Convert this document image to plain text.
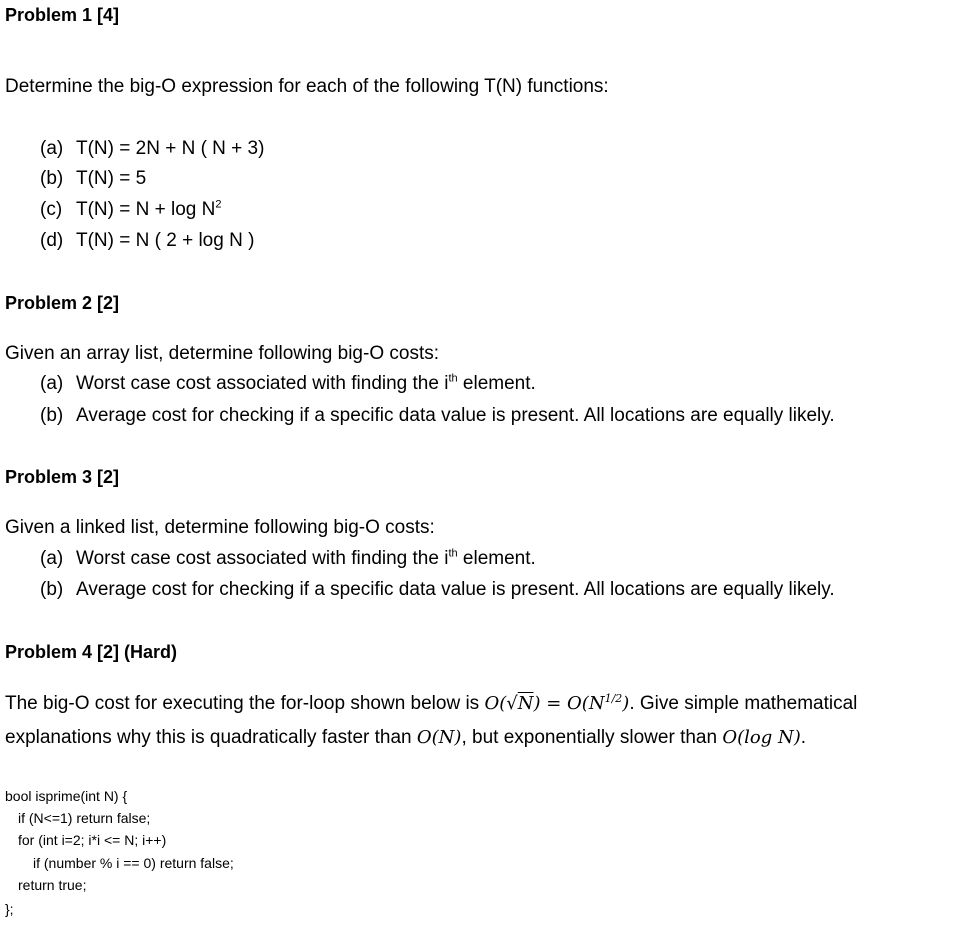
Problem 1 [4]
Determine the big-O expression for each of the following T(N) functions:
(a) T(N) = 2N + N ( N + 3)
(b) T(N) = 5
(c) $T(N) = N + \log N^2$
(d) T(N) = N ( 2 + log N )
Problem 2 [2]
Given an array list, determine following big-O costs:
(a) Worst case cost associated with finding the $i^{th}$ element.
(b) Average cost for checking if a specific data value is present. All locations are equally likely.
Problem 3 [2]
Given a linked list, determine following big-O costs:
(a) Worst case cost associated with finding the $i^{th}$ element.
(b) Average cost for checking if a specific data value is present. All locations are equally likely.
Problem 4 [2] (Hard)
The big-O cost for executing the for-loop shown below is $O(√N) = O(N^{1/2})$. Give simple mathematical
explanations why this is quadratically faster than O(N), but exponentially slower than O(log N).
bool isprime(int N) {
if (N<=1) return false;
for (int i=2; i*i <= N; i++)
if (number % i == 0) return false;
return true;
};
